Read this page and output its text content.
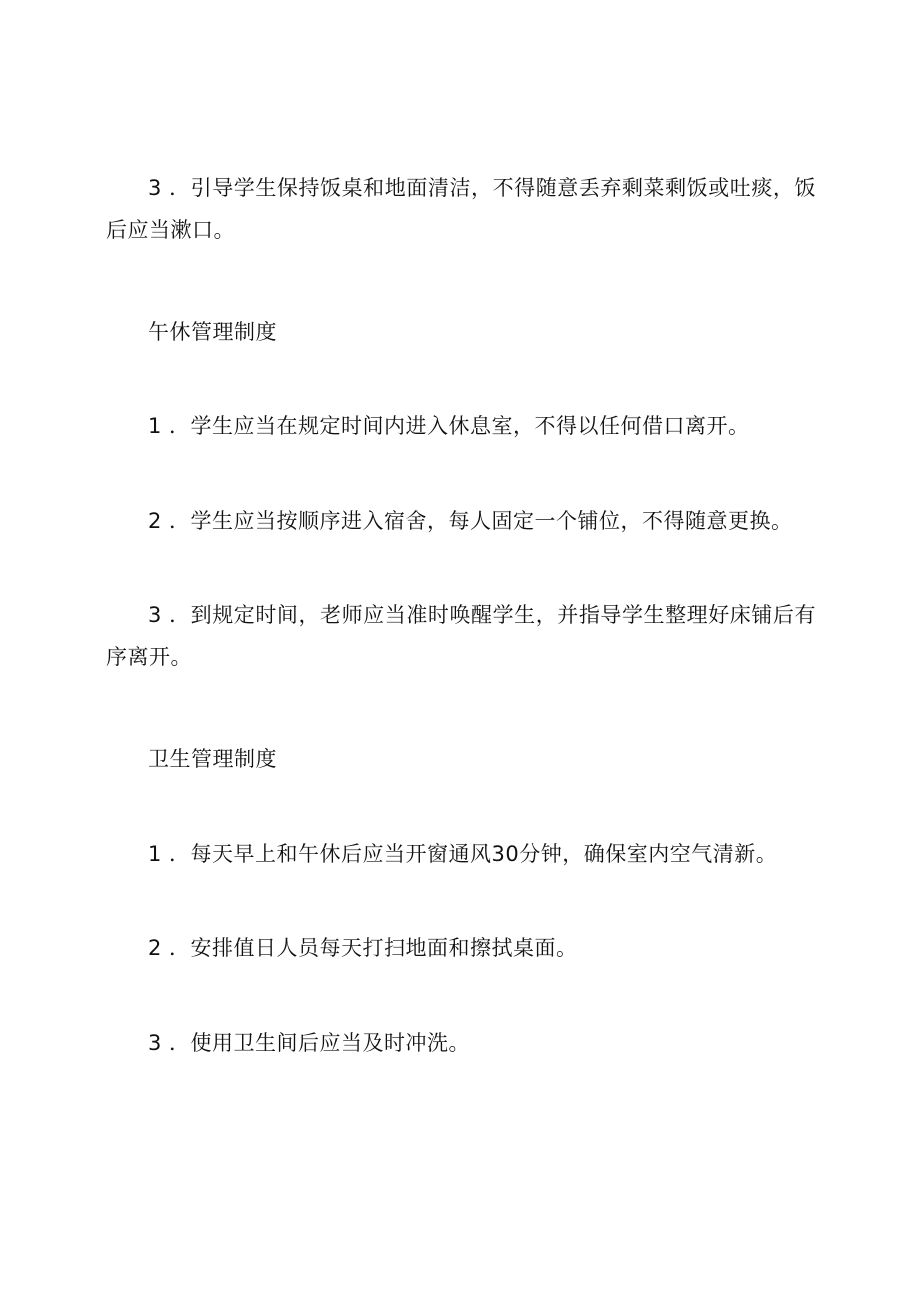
3 ．引导学生保持饭桌和地面清洁，不得随意丢弃剩菜剩饭或吐痰，饭后应当漱口。

午休管理制度

1 ．学生应当在规定时间内进入休息室，不得以任何借口离开。

2 ．学生应当按顺序进入宿舍，每人固定一个铺位，不得随意更换。

3 ．到规定时间，老师应当准时唤醒学生，并指导学生整理好床铺后有序离开。

卫生管理制度

1 ．每天早上和午休后应当开窗通风30分钟，确保室内空气清新。

2 ．安排值日人员每天打扫地面和擦拭桌面。

3 ．使用卫生间后应当及时冲洗。
